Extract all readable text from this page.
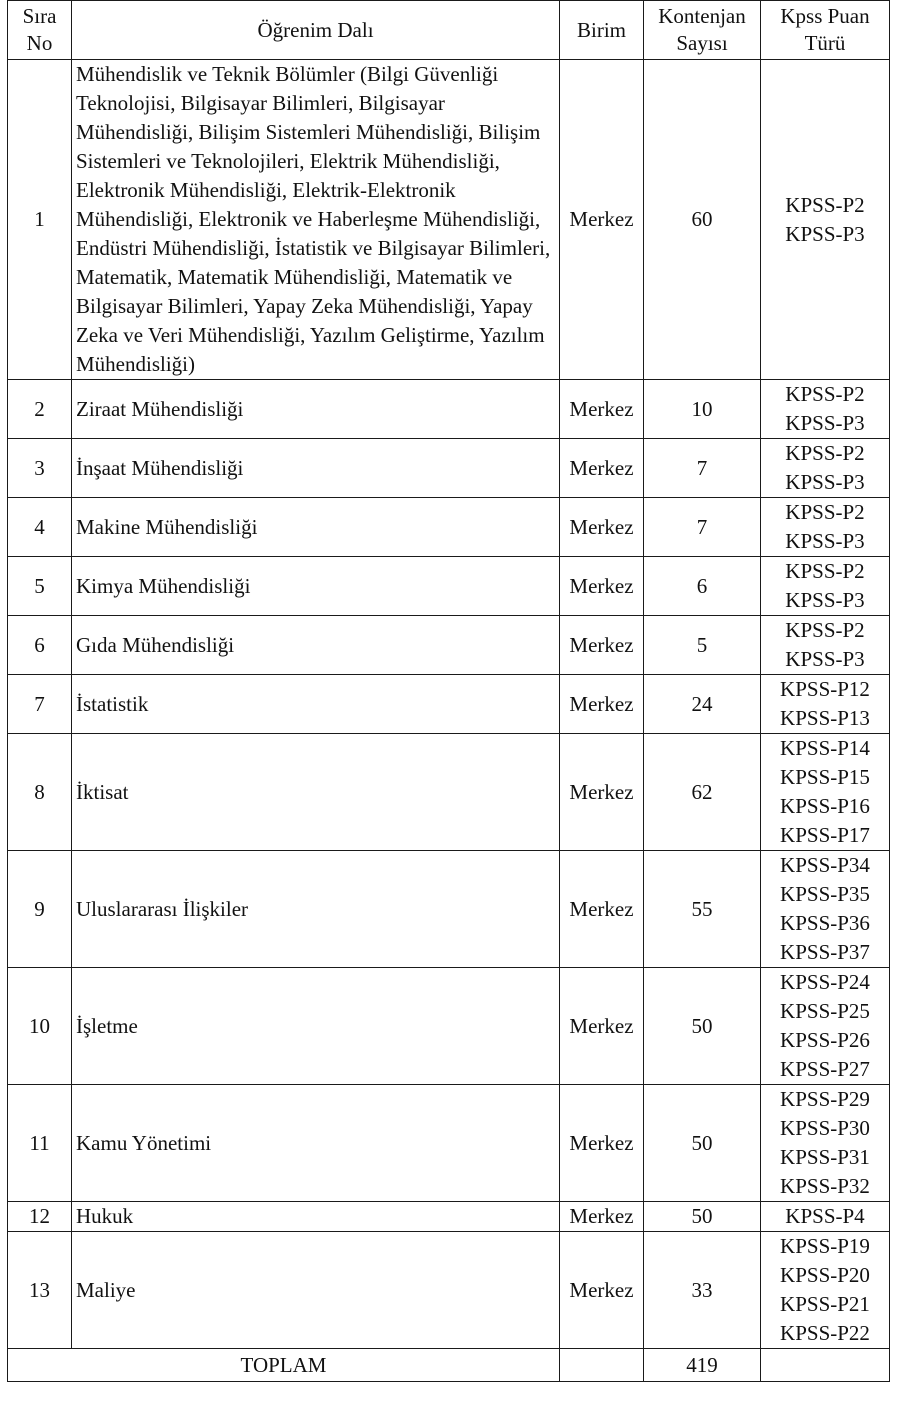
Sıra No	Öğrenim Dalı	Birim	Kontenjan Sayısı	Kpss Puan Türü
1	Mühendislik ve Teknik Bölümler (Bilgi Güvenliği Teknolojisi, Bilgisayar Bilimleri, Bilgisayar Mühendisliği, Bilişim Sistemleri Mühendisliği, Bilişim Sistemleri ve Teknolojileri, Elektrik Mühendisliği, Elektronik Mühendisliği, Elektrik-Elektronik Mühendisliği, Elektronik ve Haberleşme Mühendisliği, Endüstri Mühendisliği, İstatistik ve Bilgisayar Bilimleri, Matematik, Matematik Mühendisliği, Matematik ve Bilgisayar Bilimleri, Yapay Zeka Mühendisliği, Yapay Zeka ve Veri Mühendisliği, Yazılım Geliştirme, Yazılım Mühendisliği)	Merkez	60	KPSS-P2
KPSS-P3

2	Ziraat Mühendisliği	Merkez	10	KPSS-P2
KPSS-P3

3	İnşaat Mühendisliği	Merkez	7	KPSS-P2
KPSS-P3

4	Makine Mühendisliği	Merkez	7	KPSS-P2
KPSS-P3

5	Kimya Mühendisliği	Merkez	6	KPSS-P2
KPSS-P3

6	Gıda Mühendisliği	Merkez	5	KPSS-P2
KPSS-P3

7	İstatistik	Merkez	24	KPSS-P12
KPSS-P13

8	İktisat	Merkez	62	KPSS-P14
KPSS-P15
KPSS-P16
KPSS-P17

9	Uluslararası İlişkiler	Merkez	55	KPSS-P34
KPSS-P35
KPSS-P36
KPSS-P37

10	İşletme	Merkez	50	KPSS-P24
KPSS-P25
KPSS-P26
KPSS-P27

11	Kamu Yönetimi	Merkez	50	KPSS-P29
KPSS-P30
KPSS-P31
KPSS-P32

12	Hukuk	Merkez	50	KPSS-P4

13	Maliye	Merkez	33	KPSS-P19
KPSS-P20
KPSS-P21
KPSS-P22

TOPLAM			419	
